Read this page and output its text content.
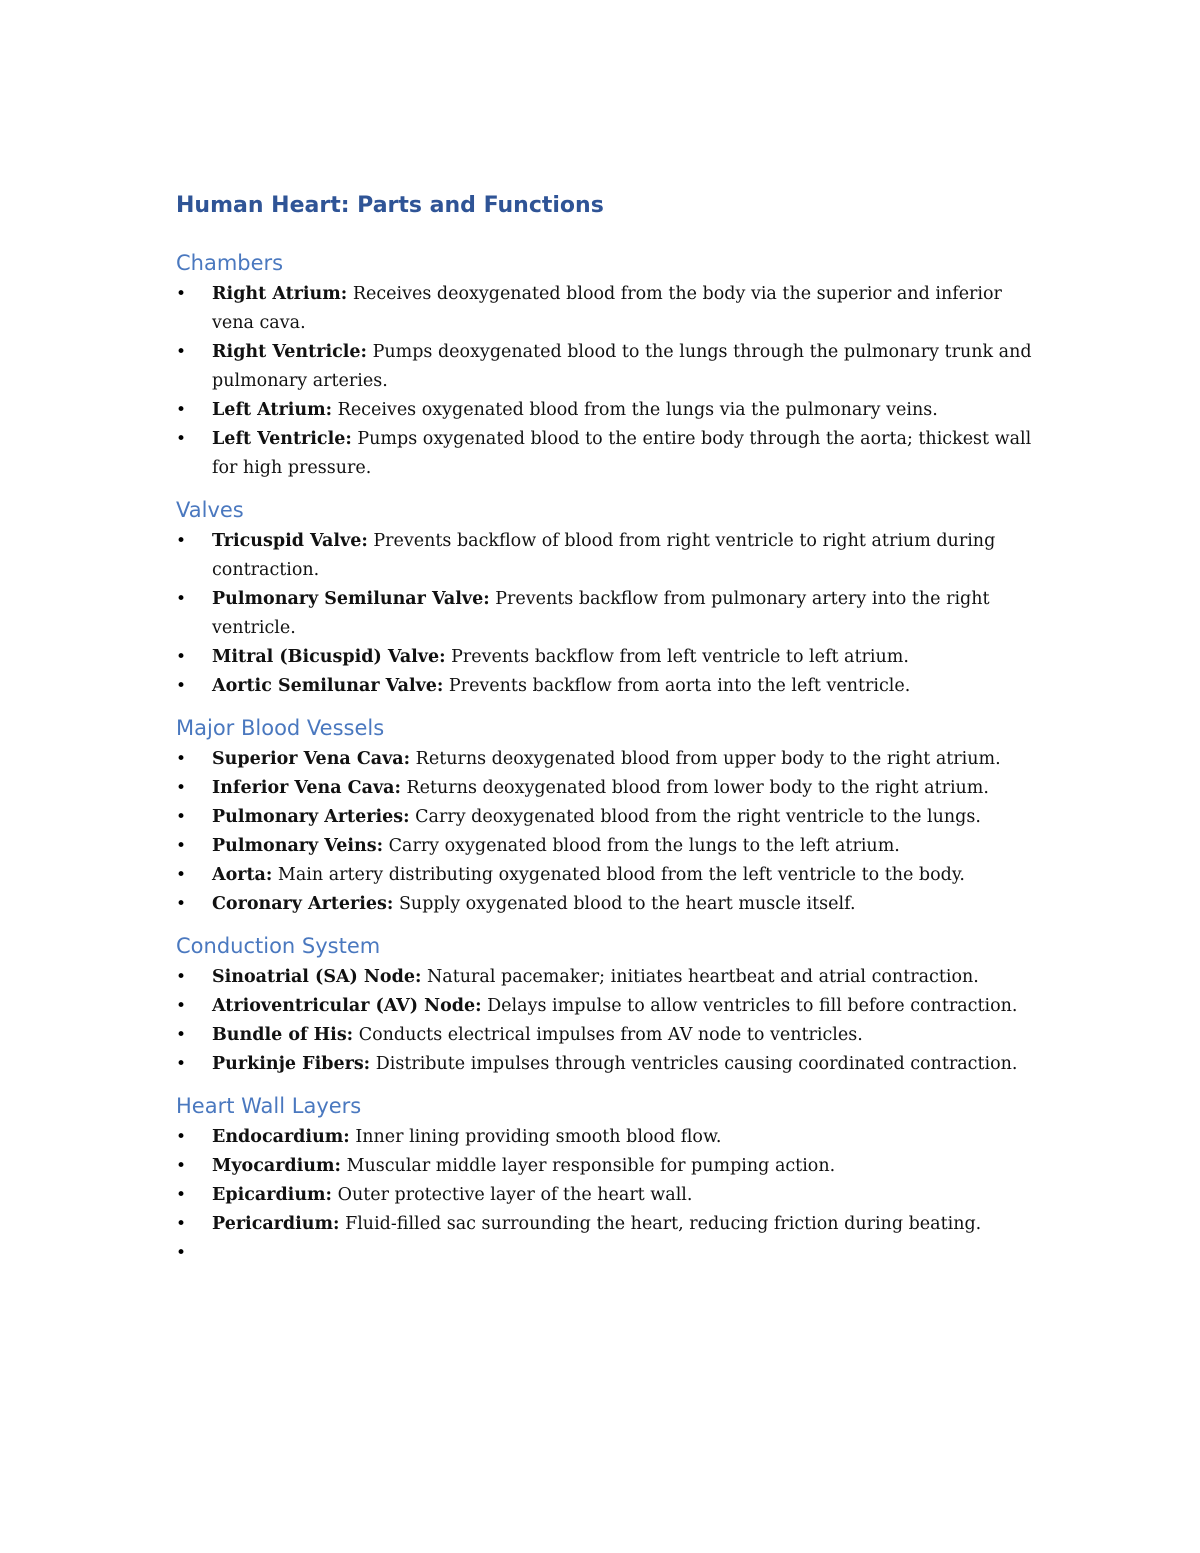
Human Heart: Parts and Functions
Chambers
• Right Atrium: Receives deoxygenated blood from the body via the superior and inferior vena cava.
• Right Ventricle: Pumps deoxygenated blood to the lungs through the pulmonary trunk and pulmonary arteries.
• Left Atrium: Receives oxygenated blood from the lungs via the pulmonary veins.
• Left Ventricle: Pumps oxygenated blood to the entire body through the aorta; thickest wall for high pressure.
Valves
• Tricuspid Valve: Prevents backflow of blood from right ventricle to right atrium during contraction.
• Pulmonary Semilunar Valve: Prevents backflow from pulmonary artery into the right ventricle.
• Mitral (Bicuspid) Valve: Prevents backflow from left ventricle to left atrium.
• Aortic Semilunar Valve: Prevents backflow from aorta into the left ventricle.
Major Blood Vessels
• Superior Vena Cava: Returns deoxygenated blood from upper body to the right atrium.
• Inferior Vena Cava: Returns deoxygenated blood from lower body to the right atrium.
• Pulmonary Arteries: Carry deoxygenated blood from the right ventricle to the lungs.
• Pulmonary Veins: Carry oxygenated blood from the lungs to the left atrium.
• Aorta: Main artery distributing oxygenated blood from the left ventricle to the body.
• Coronary Arteries: Supply oxygenated blood to the heart muscle itself.
Conduction System
• Sinoatrial (SA) Node: Natural pacemaker; initiates heartbeat and atrial contraction.
• Atrioventricular (AV) Node: Delays impulse to allow ventricles to fill before contraction.
• Bundle of His: Conducts electrical impulses from AV node to ventricles.
• Purkinje Fibers: Distribute impulses through ventricles causing coordinated contraction.
Heart Wall Layers
• Endocardium: Inner lining providing smooth blood flow.
• Myocardium: Muscular middle layer responsible for pumping action.
• Epicardium: Outer protective layer of the heart wall.
• Pericardium: Fluid-filled sac surrounding the heart, reducing friction during beating.
•
